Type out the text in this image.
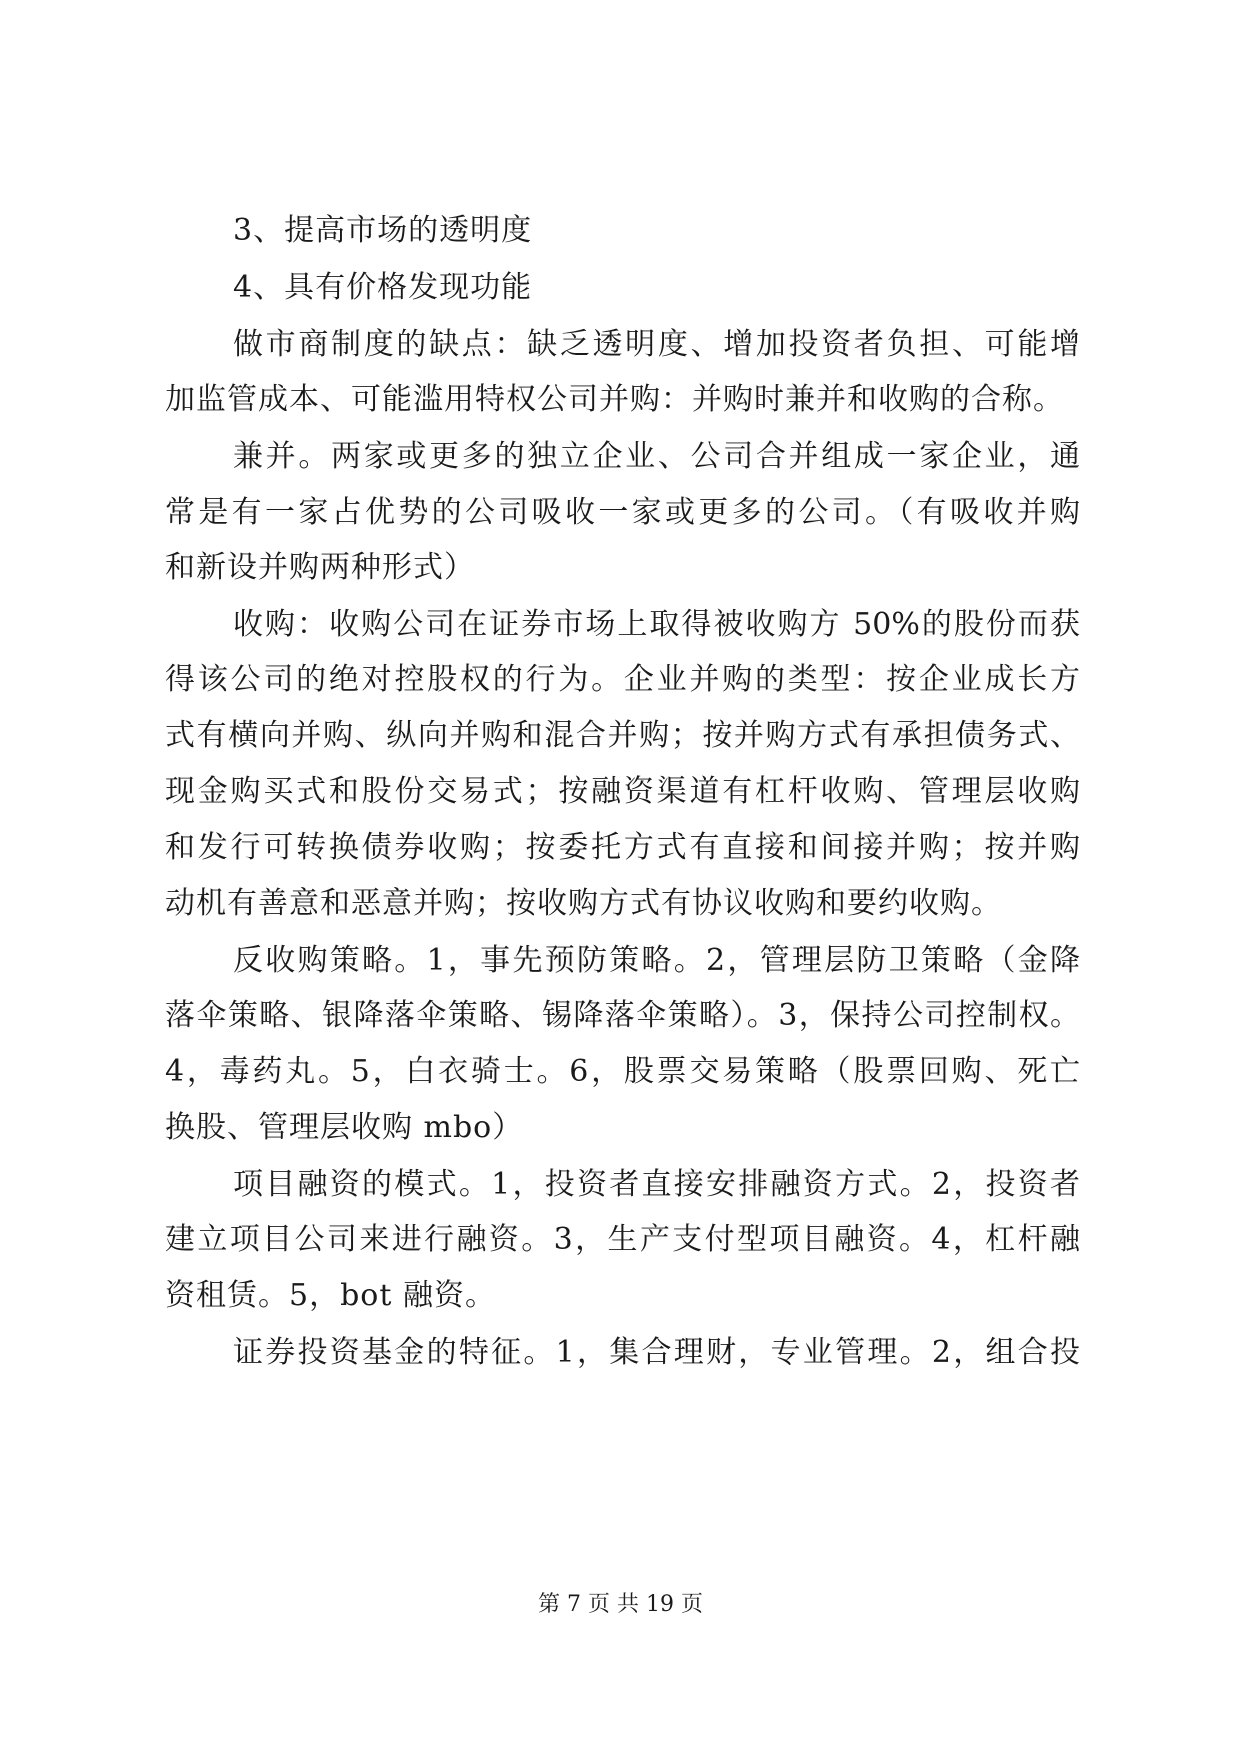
3、提高市场的透明度
4、具有价格发现功能
做市商制度的缺点：缺乏透明度、增加投资者负担、可能增
加监管成本、可能滥用特权公司并购：并购时兼并和收购的合称。
兼并。两家或更多的独立企业、公司合并组成一家企业，通
常是有一家占优势的公司吸收一家或更多的公司。（有吸收并购
和新设并购两种形式）
收购：收购公司在证券市场上取得被收购方 50%的股份而获
得该公司的绝对控股权的行为。企业并购的类型：按企业成长方
式有横向并购、纵向并购和混合并购；按并购方式有承担债务式、
现金购买式和股份交易式；按融资渠道有杠杆收购、管理层收购
和发行可转换债券收购；按委托方式有直接和间接并购；按并购
动机有善意和恶意并购；按收购方式有协议收购和要约收购。
反收购策略。1，事先预防策略。2，管理层防卫策略（金降
落伞策略、银降落伞策略、锡降落伞策略）。3，保持公司控制权。
4，毒药丸。5，白衣骑士。6，股票交易策略（股票回购、死亡
换股、管理层收购 mbo）
项目融资的模式。1，投资者直接安排融资方式。2，投资者
建立项目公司来进行融资。3，生产支付型项目融资。4，杠杆融
资租赁。5，bot 融资。
证券投资基金的特征。1，集合理财，专业管理。2，组合投
第 7 页 共 19 页
